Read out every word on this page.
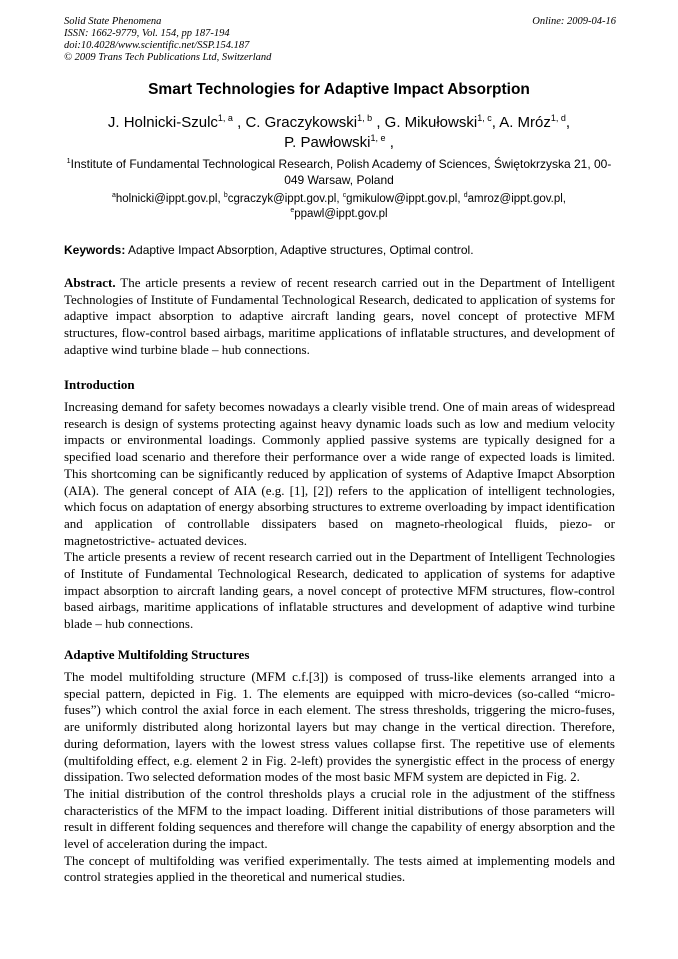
Solid State Phenomena
ISSN: 1662-9779, Vol. 154, pp 187-194
doi:10.4028/www.scientific.net/SSP.154.187
© 2009 Trans Tech Publications Ltd, Switzerland
Online: 2009-04-16
Smart Technologies for Adaptive Impact Absorption
J. Holnicki-Szulc$^{1, a}$ , C. Graczykowski$^{1, b}$ , G. Mikułowski$^{1, c}$, A. Mróz$^{1, d}$,
P. Pawłowski$^{1, e}$ ,
$^1$Institute of Fundamental Technological Research, Polish Academy of Sciences, Świętokrzyska 21, 00-049 Warsaw, Poland
$^a$holnicki@ippt.gov.pl, $^b$cgraczyk@ippt.gov.pl, $^c$gmikulow@ippt.gov.pl, $^d$amroz@ippt.gov.pl,
$^e$ppawl@ippt.gov.pl
Keywords: Adaptive Impact Absorption, Adaptive structures, Optimal control.
Abstract. The article presents a review of recent research carried out in the Department of Intelligent Technologies of Institute of Fundamental Technological Research, dedicated to application of systems for adaptive impact absorption to adaptive aircraft landing gears, novel concept of protective MFM structures, flow-control based airbags, maritime applications of inflatable structures, and development of adaptive wind turbine blade – hub connections.
Introduction

Increasing demand for safety becomes nowadays a clearly visible trend. One of main areas of widespread research is design of systems protecting against heavy dynamic loads such as low and medium velocity impacts or environmental loadings. Commonly applied passive systems are typically designed for a specified load scenario and therefore their performance over a wide range of expected loads is limited. This shortcoming can be significantly reduced by application of systems of Adaptive Imapct Absorption (AIA). The general concept of AIA (e.g. [1], [2]) refers to the application of intelligent technologies, which focus on adaptation of energy absorbing structures to extreme overloading by impact identification and application of controllable dissipaters based on magneto-rheological fluids, piezo- or magnetostrictive- actuated devices.

The article presents a review of recent research carried out in the Department of Intelligent Technologies of Institute of Fundamental Technological Research, dedicated to application of systems for adaptive impact absorption to aircraft landing gears, a novel concept of protective MFM structures, flow-control based airbags, maritime applications of inflatable structures and development of adaptive wind turbine blade – hub connections.

Adaptive Multifolding Structures

The model multifolding structure (MFM c.f.[3]) is composed of truss-like elements arranged into a special pattern, depicted in Fig. 1. The elements are equipped with micro-devices (so-called “micro-fuses”) which control the axial force in each element. The stress thresholds, triggering the micro-fuses, are uniformly distributed along horizontal layers but may change in the vertical direction. Therefore, during deformation, layers with the lowest stress values collapse first. The repetitive use of elements (multifolding effect, e.g. element 2 in Fig. 2-left) provides the synergistic effect in the process of energy dissipation. Two selected deformation modes of the most basic MFM system are depicted in Fig. 2.

The initial distribution of the control thresholds plays a crucial role in the adjustment of the stiffness characteristics of the MFM to the impact loading. Different initial distributions of those parameters will result in different folding sequences and therefore will change the capability of energy absorption and the level of acceleration during the impact.

The concept of multifolding was verified experimentally. The tests aimed at implementing models and control strategies applied in the theoretical and numerical studies.
